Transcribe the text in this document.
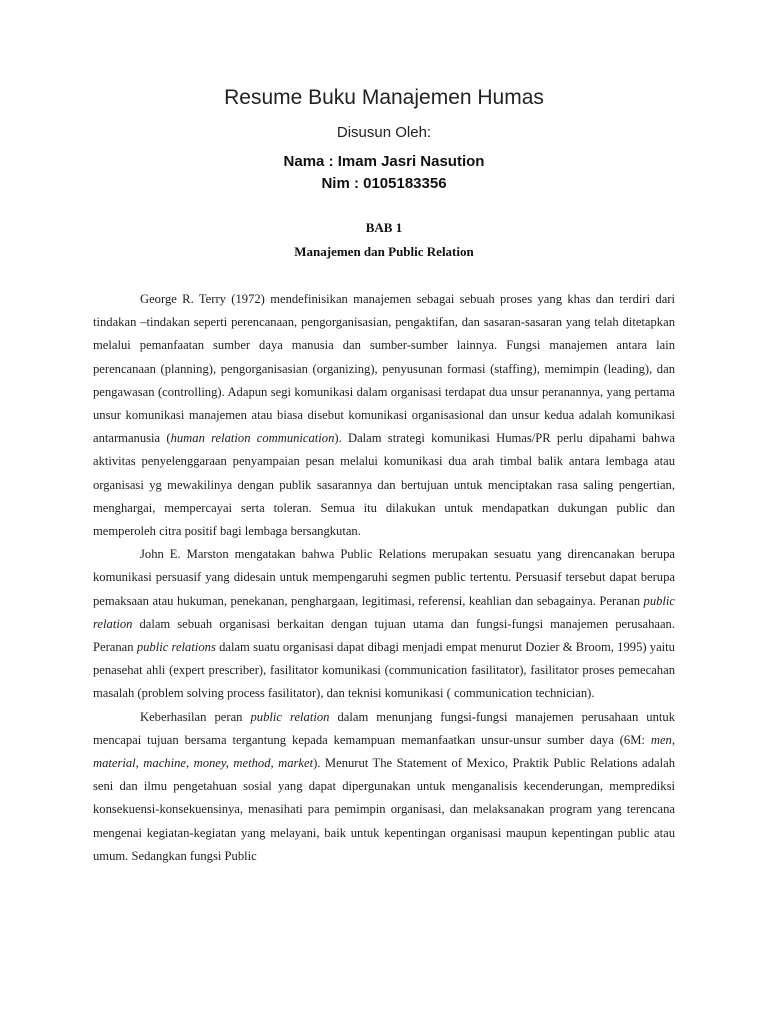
Resume Buku Manajemen Humas
Disusun Oleh:
Nama : Imam Jasri Nasution
Nim : 0105183356
BAB 1
Manajemen dan Public Relation

George R. Terry (1972) mendefinisikan manajemen sebagai sebuah proses yang khas dan terdiri dari tindakan –tindakan seperti perencanaan, pengorganisasian, pengaktifan, dan sasaran-sasaran yang telah ditetapkan melalui pemanfaatan sumber daya manusia dan sumber-sumber lainnya. Fungsi manajemen antara lain perencanaan (planning), pengorganisasian (organizing), penyusunan formasi (staffing), memimpin (leading), dan pengawasan (controlling). Adapun segi komunikasi dalam organisasi terdapat dua unsur peranannya, yang pertama unsur komunikasi manajemen atau biasa disebut komunikasi organisasional dan unsur kedua adalah komunikasi antarmanusia (human relation communication). Dalam strategi komunikasi Humas/PR perlu dipahami bahwa aktivitas penyelenggaraan penyampaian pesan melalui komunikasi dua arah timbal balik antara lembaga atau organisasi yg mewakilinya dengan publik sasarannya dan bertujuan untuk menciptakan rasa saling pengertian, menghargai, mempercayai serta toleran. Semua itu dilakukan untuk mendapatkan dukungan public dan memperoleh citra positif bagi lembaga bersangkutan.

John E. Marston mengatakan bahwa Public Relations merupakan sesuatu yang direncanakan berupa komunikasi persuasif yang didesain untuk mempengaruhi segmen public tertentu. Persuasif tersebut dapat berupa pemaksaan atau hukuman, penekanan, penghargaan, legitimasi, referensi, keahlian dan sebagainya. Peranan public relation dalam sebuah organisasi berkaitan dengan tujuan utama dan fungsi-fungsi manajemen perusahaan. Peranan public relations dalam suatu organisasi dapat dibagi menjadi empat menurut Dozier & Broom, 1995) yaitu penasehat ahli (expert prescriber), fasilitator komunikasi (communication fasilitator), fasilitator proses pemecahan masalah (problem solving process fasilitator), dan teknisi komunikasi ( communication technician).

Keberhasilan peran public relation dalam menunjang fungsi-fungsi manajemen perusahaan untuk mencapai tujuan bersama tergantung kepada kemampuan memanfaatkan unsur-unsur sumber daya (6M: men, material, machine, money, method, market). Menurut The Statement of Mexico, Praktik Public Relations adalah seni dan ilmu pengetahuan sosial yang dapat dipergunakan untuk menganalisis kecenderungan, memprediksi konsekuensi-konsekuensinya, menasihati para pemimpin organisasi, dan melaksanakan program yang terencana mengenai kegiatan-kegiatan yang melayani, baik untuk kepentingan organisasi maupun kepentingan public atau umum. Sedangkan fungsi Public
